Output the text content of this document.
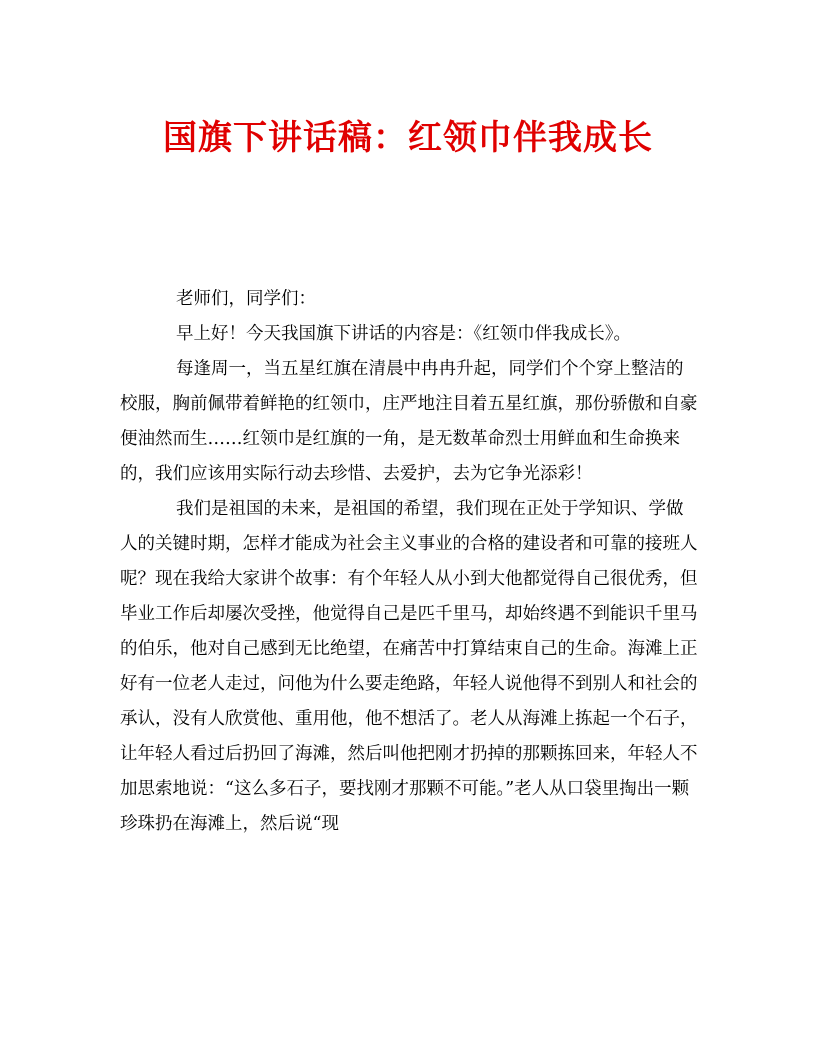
国旗下讲话稿：红领巾伴我成长

老师们，同学们：

早上好！今天我国旗下讲话的内容是：《红领巾伴我成长》。

每逢周一，当五星红旗在清晨中冉冉升起，同学们个个穿上整洁的校服，胸前佩带着鲜艳的红领巾，庄严地注目着五星红旗，那份骄傲和自豪便油然而生……红领巾是红旗的一角，是无数革命烈士用鲜血和生命换来的，我们应该用实际行动去珍惜、去爱护，去为它争光添彩！

我们是祖国的未来，是祖国的希望，我们现在正处于学知识、学做人的关键时期，怎样才能成为社会主义事业的合格的建设者和可靠的接班人呢？现在我给大家讲个故事：有个年轻人从小到大他都觉得自己很优秀，但毕业工作后却屡次受挫，他觉得自己是匹千里马，却始终遇不到能识千里马的伯乐，他对自己感到无比绝望，在痛苦中打算结束自己的生命。海滩上正好有一位老人走过，问他为什么要走绝路，年轻人说他得不到别人和社会的承认，没有人欣赏他、重用他，他不想活了。老人从海滩上拣起一个石子，让年轻人看过后扔回了海滩，然后叫他把刚才扔掉的那颗拣回来，年轻人不加思索地说：“这么多石子，要找刚才那颗不可能。”老人从口袋里掏出一颗珍珠扔在海滩上，然后说“现
